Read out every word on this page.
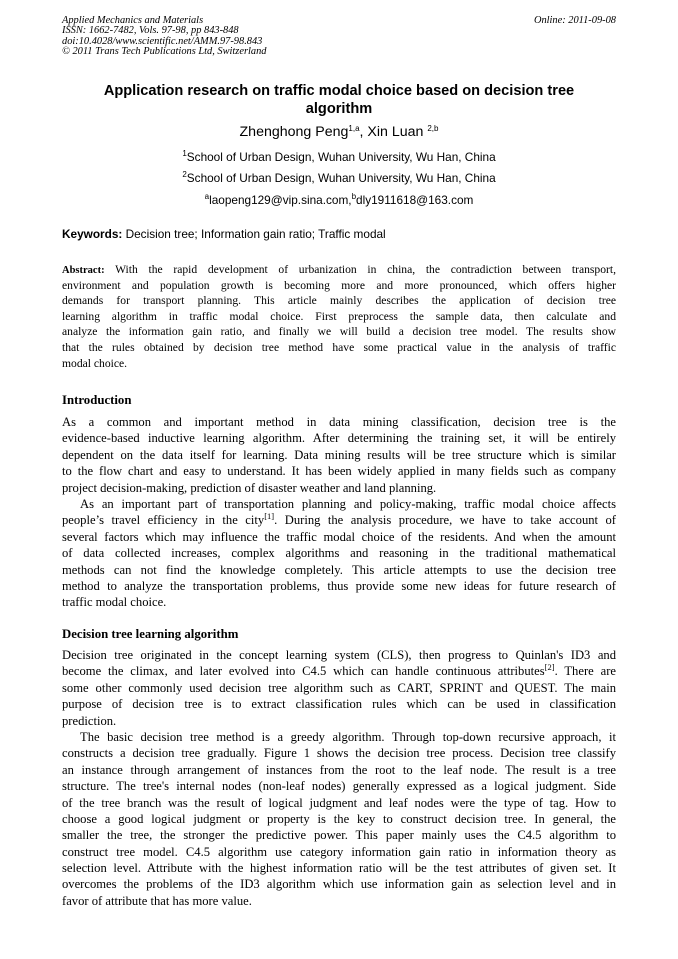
Applied Mechanics and Materials	Online: 2011-09-08
ISSN: 1662-7482, Vols. 97-98, pp 843-848
doi:10.4028/www.scientific.net/AMM.97-98.843
© 2011 Trans Tech Publications Ltd, Switzerland
Application research on traffic modal choice based on decision tree
algorithm
Zhenghong Peng$^{1,a}$, Xin Luan $^{2,b}$
$^1$School of Urban Design, Wuhan University, Wu Han, China
$^2$School of Urban Design, Wuhan University, Wu Han, China
$^a$laopeng129@vip.sina.com,$^b$dly1911618@163.com
Keywords: Decision tree; Information gain ratio; Traffic modal
Abstract: With the rapid development of urbanization in china, the contradiction between transport,
environment and population growth is becoming more and more pronounced, which offers higher
demands for transport planning. This article mainly describes the application of decision tree
learning algorithm in traffic modal choice. First preprocess the sample data, then calculate and
analyze the information gain ratio, and finally we will build a decision tree model. The results show
that the rules obtained by decision tree method have some practical value in the analysis of traffic
modal choice.
Introduction
As a common and important method in data mining classification, decision tree is the
evidence-based inductive learning algorithm. After determining the training set, it will be entirely
dependent on the data itself for learning. Data mining results will be tree structure which is similar
to the flow chart and easy to understand. It has been widely applied in many fields such as company
project decision-making, prediction of disaster weather and land planning.
As an important part of transportation planning and policy-making, traffic modal choice affects
people’s travel efficiency in the city[1]. During the analysis procedure, we have to take account of
several factors which may influence the traffic modal choice of the residents. And when the amount
of data collected increases, complex algorithms and reasoning in the traditional mathematical
methods can not find the knowledge completely. This article attempts to use the decision tree
method to analyze the transportation problems, thus provide some new ideas for future research of
traffic modal choice.
Decision tree learning algorithm
Decision tree originated in the concept learning system (CLS), then progress to Quinlan's ID3 and
become the climax, and later evolved into C4.5 which can handle continuous attributes[2]. There are
some other commonly used decision tree algorithm such as CART, SPRINT and QUEST. The main
purpose of decision tree is to extract classification rules which can be used in classification
prediction.
The basic decision tree method is a greedy algorithm. Through top-down recursive approach, it
constructs a decision tree gradually. Figure 1 shows the decision tree process. Decision tree classify
an instance through arrangement of instances from the root to the leaf node. The result is a tree
structure. The tree's internal nodes (non-leaf nodes) generally expressed as a logical judgment. Side
of the tree branch was the result of logical judgment and leaf nodes were the type of tag. How to
choose a good logical judgment or property is the key to construct decision tree. In general, the
smaller the tree, the stronger the predictive power. This paper mainly uses the C4.5 algorithm to
construct tree model. C4.5 algorithm use category information gain ratio in information theory as
selection level. Attribute with the highest information ratio will be the test attributes of given set. It
overcomes the problems of the ID3 algorithm which use information gain as selection level and in
favor of attribute that has more value.
